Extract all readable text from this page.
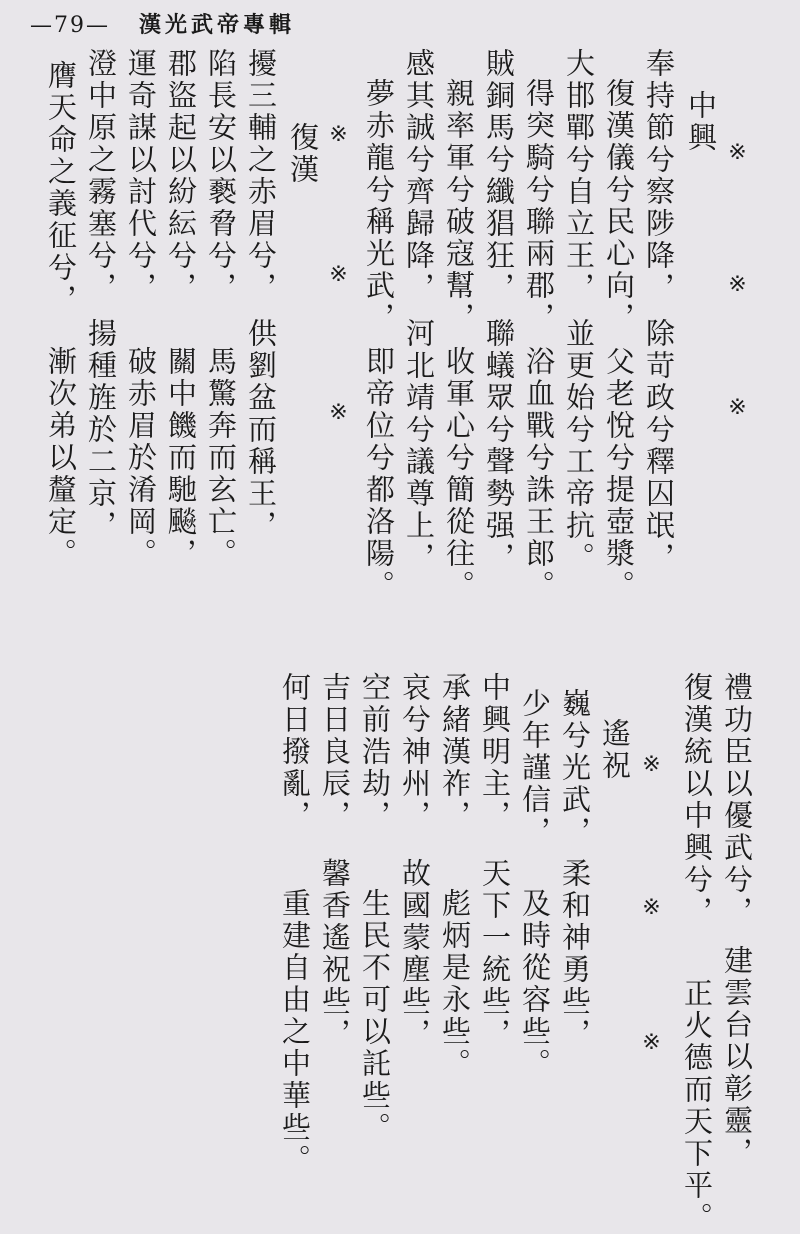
—79— 漢光武帝專輯
中興 ※
※
※
奉持節兮察陟降，
復漢儀兮民心向，
大邯鄲兮自立王，
得突騎兮聯兩郡，
賊銅馬兮纖猖狂，
親率軍兮破寇幫，
感其誠兮齊歸降，
夢赤龍兮稱光武，
※
※
※	除苛政兮釋囚氓，
父老悅兮提壺漿。
並更始兮工帝抗。
浴血戰兮誅王郎。
聯蟻眾兮聲勢强，
收軍心兮簡從往。
河北靖兮議尊上，
即帝位兮都洛陽。
復漢
擾三輔之赤眉兮，
陷長安以褻脅兮，
郡盜起以紛紜兮，
運奇謀以討代兮，
澄中原之霧塞兮，
膺天命之義征兮，
供劉盆而稱王，
馬驚奔而玄亡。
關中饑而馳飈，
破赤眉於淆岡。
揚種旌於二京，
漸次弟以釐定。
禮功臣以優武兮，
建雲台以彰靈，
復漢統以中興兮，
正火德而天下平。
※
※
※
遙祝
巍兮光武，
柔和神勇些，
少年謹信，
及時從容些。
中興明主，
天下一統些，
承緒漢祚，
彪炳是永些。
哀兮神州，
故國蒙塵些，
空前浩劫，
生民不可以託些。
吉日良辰，
馨香遙祝些，
何日撥亂，
重建自由之中華些。
